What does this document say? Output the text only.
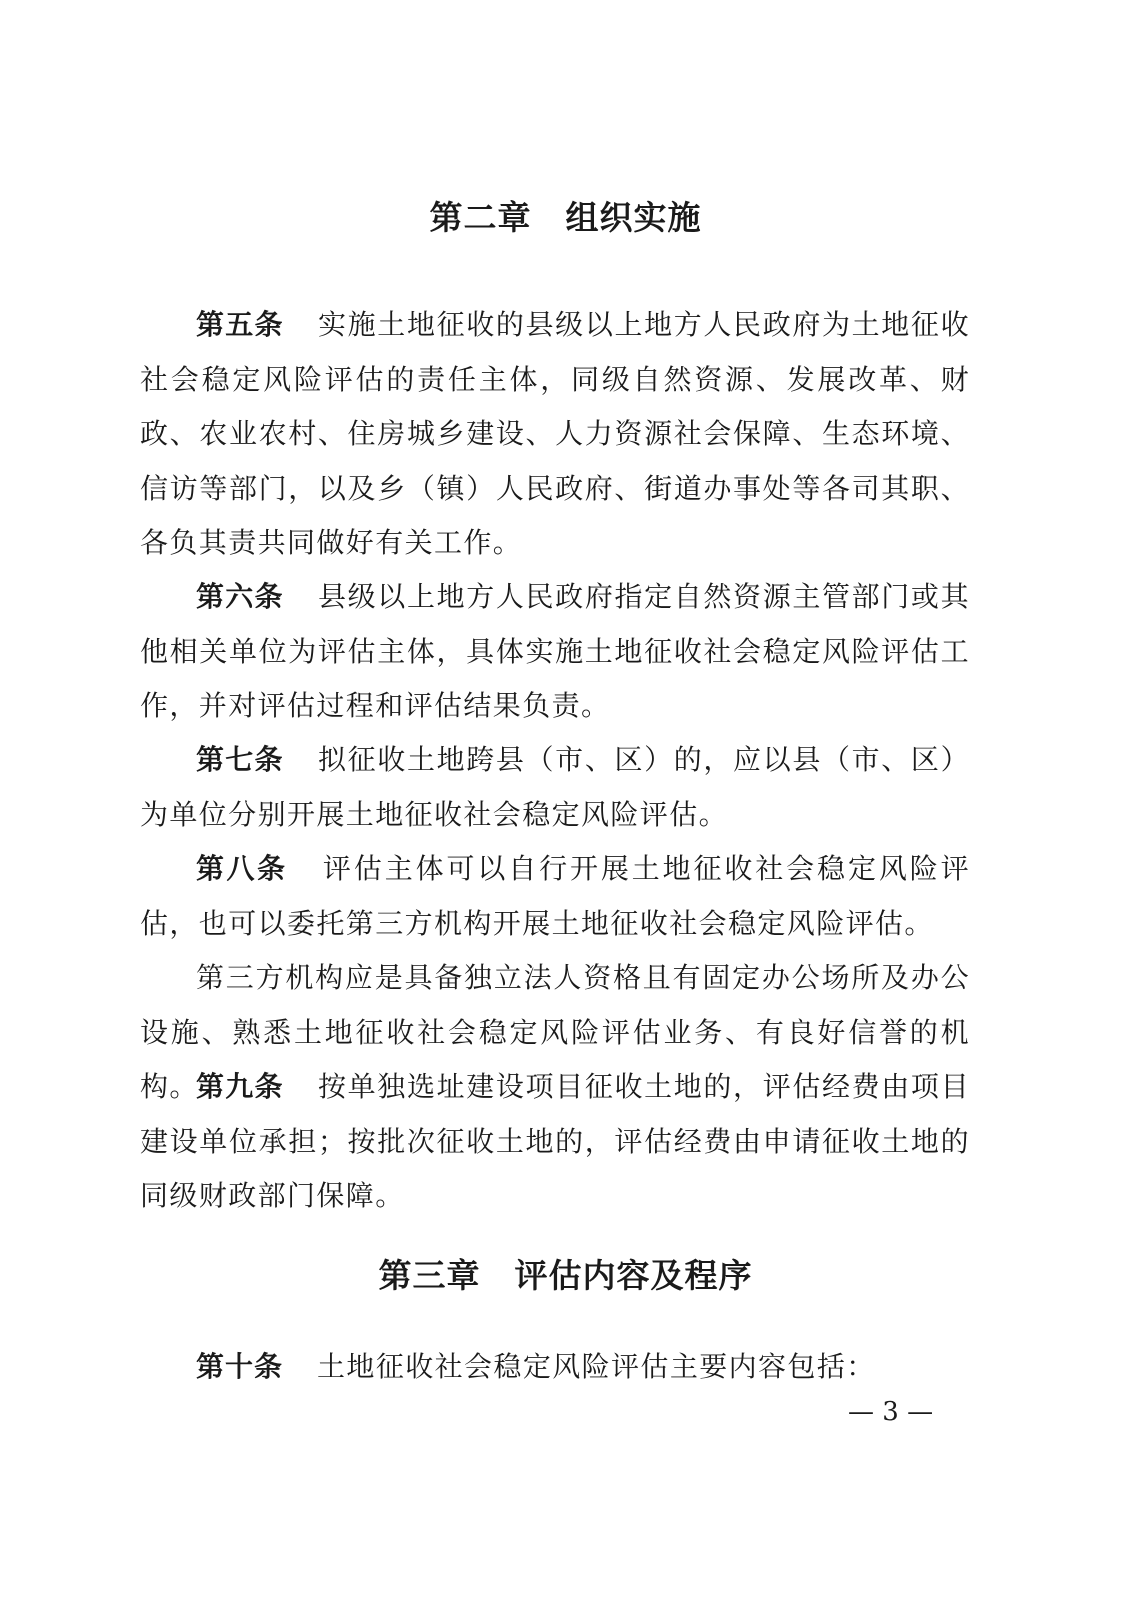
第二章 组织实施

第五条 实施土地征收的县级以上地方人民政府为土地征收社会稳定风险评估的责任主体，同级自然资源、发展改革、财政、农业农村、住房城乡建设、人力资源社会保障、生态环境、信访等部门，以及乡（镇）人民政府、街道办事处等各司其职、各负其责共同做好有关工作。

第六条 县级以上地方人民政府指定自然资源主管部门或其他相关单位为评估主体，具体实施土地征收社会稳定风险评估工作，并对评估过程和评估结果负责。

第七条 拟征收土地跨县（市、区）的，应以县（市、区）为单位分别开展土地征收社会稳定风险评估。

第八条 评估主体可以自行开展土地征收社会稳定风险评估，也可以委托第三方机构开展土地征收社会稳定风险评估。

第三方机构应是具备独立法人资格且有固定办公场所及办公设施、熟悉土地征收社会稳定风险评估业务、有良好信誉的机构。

第九条 按单独选址建设项目征收土地的，评估经费由项目建设单位承担；按批次征收土地的，评估经费由申请征收土地的同级财政部门保障。

第三章 评估内容及程序

第十条 土地征收社会稳定风险评估主要内容包括：

— 3 —
